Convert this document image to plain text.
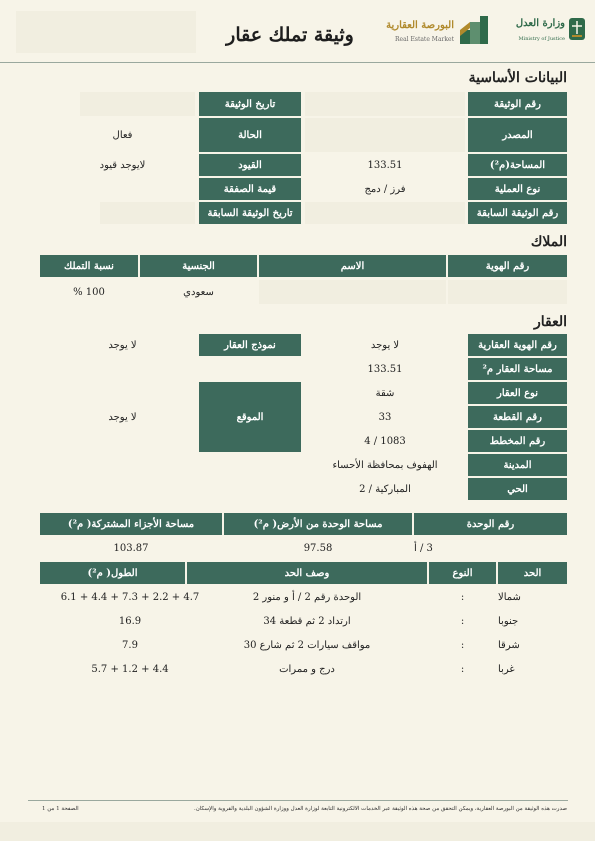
وثيقة تملك عقار	البورصة العقارية
Real Estate Market
وزارة العدل
Ministry of Justice
البيانات الأساسية
رقم الوثيقة
المصدر
المساحة(م²)
نوع العملية
رقم الوثيقة السابقة
133.51
فرز / دمج
تاريخ الوثيقة
الحالة
القيود
قيمة الصفقة
تاريخ الوثيقة السابقة
فعال
لايوجد قيود
الملاك
رقم الهوية
الاسم
الجنسية
نسبة التملك
سعودي
100 %
العقار
رقم الهوية العقارية
مساحة العقار م²
نوع العقار
رقم القطعة
رقم المخطط
المدينة
الحي
لا يوجد
133.51
شقة
33
1083 / 4
الهفوف بمحافظة الأحساء
المباركية / 2
نموذج العقار
الموقع
لا يوجد
لا يوجد
رقم الوحدة
مساحة الوحدة من الأرض( م²)
مساحة الأجزاء المشتركة( م²)
3 / أ
97.58
103.87
الحد
النوع
وصف الحد
الطول( م²)
شمالا
:
الوحدة رقم 2 / أ و منور 2
4.7 + 2.2 + 7.3 + 4.4 + 6.1
جنوبا
:
ارتداد 2 ثم قطعة 34
16.9
شرقا
:
مواقف سيارات 2 ثم شارع 30
7.9
غربا
:
درج و ممرات
4.4 + 1.2 + 5.7
صدرت هذه الوثيقة من البورصة العقارية، ويمكن التحقق من صحة هذه الوثيقة عبر الخدمات الالكترونية التابعة لوزارة العدل ووزارة الشؤون البلدية والقروية والإسكان.
الصفحة 1 من 1
